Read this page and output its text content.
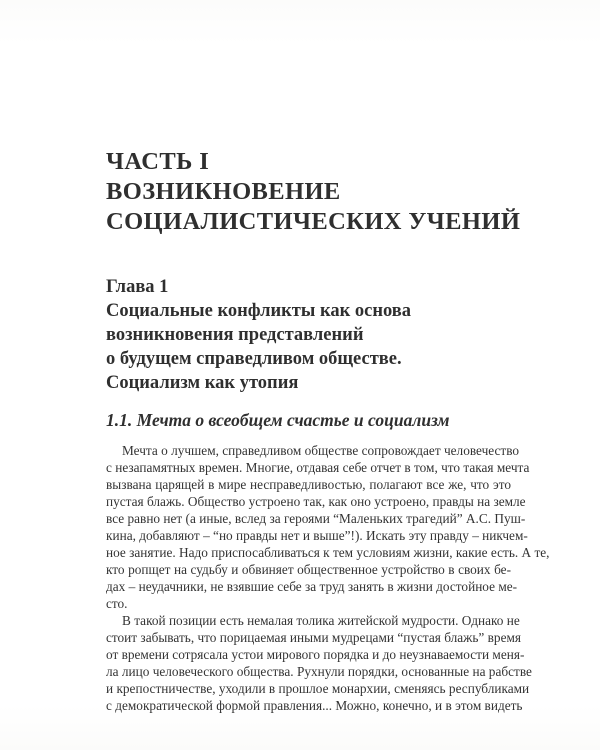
ЧАСТЬ I
ВОЗНИКНОВЕНИЕ
СОЦИАЛИСТИЧЕСКИХ УЧЕНИЙ
Глава 1
Социальные конфликты как основа
возникновения представлений
о будущем справедливом обществе.
Социализм как утопия
1.1. Мечта о всеобщем счастье и социализм
Мечта о лучшем, справедливом обществе сопровождает человечество
с незапамятных времен. Многие, отдавая себе отчет в том, что такая мечта
вызвана царящей в мире несправедливостью, полагают все же, что это
пустая блажь. Общество устроено так, как оно устроено, правды на земле
все равно нет (а иные, вслед за героями “Маленьких трагедий” А.С. Пуш-
кина, добавляют – “но правды нет и выше”!). Искать эту правду – никчем-
ное занятие. Надо приспосабливаться к тем условиям жизни, какие есть. А те,
кто ропщет на судьбу и обвиняет общественное устройство в своих бе-
дах – неудачники, не взявшие себе за труд занять в жизни достойное ме-
сто.
В такой позиции есть немалая толика житейской мудрости. Однако не
стоит забывать, что порицаемая иными мудрецами “пустая блажь” время
от времени сотрясала устои мирового порядка и до неузнаваемости меня-
ла лицо человеческого общества. Рухнули порядки, основанные на рабстве
и крепостничестве, уходили в прошлое монархии, сменяясь республиками
с демократической формой правления... Можно, конечно, и в этом видеть
